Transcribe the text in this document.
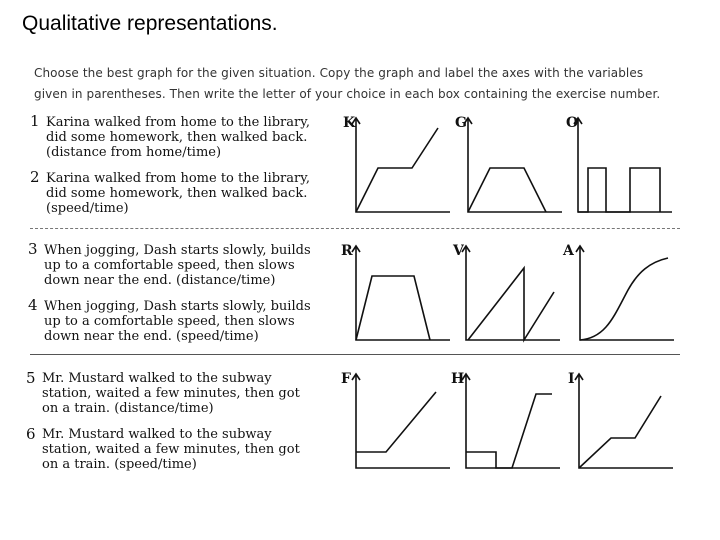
Qualitative representations.
Choose the best graph for the given situation. Copy the graph and label the axes with the variables
given in parentheses. Then write the letter of your choice in each box containing the exercise number.
1 Karina walked from home to the library,
did some homework, then walked back.
(distance from home/time)
2 Karina walked from home to the library,
did some homework, then walked back.
(speed/time)
3 When jogging, Dash starts slowly, builds
up to a comfortable speed, then slows
down near the end. (distance/time)
4 When jogging, Dash starts slowly, builds
up to a comfortable speed, then slows
down near the end. (speed/time)
5 Mr. Mustard walked to the subway
station, waited a few minutes, then got
on a train. (distance/time)
6 Mr. Mustard walked to the subway
station, waited a few minutes, then got
on a train. (speed/time)
K	G	O
R	V	A
F	H	I
